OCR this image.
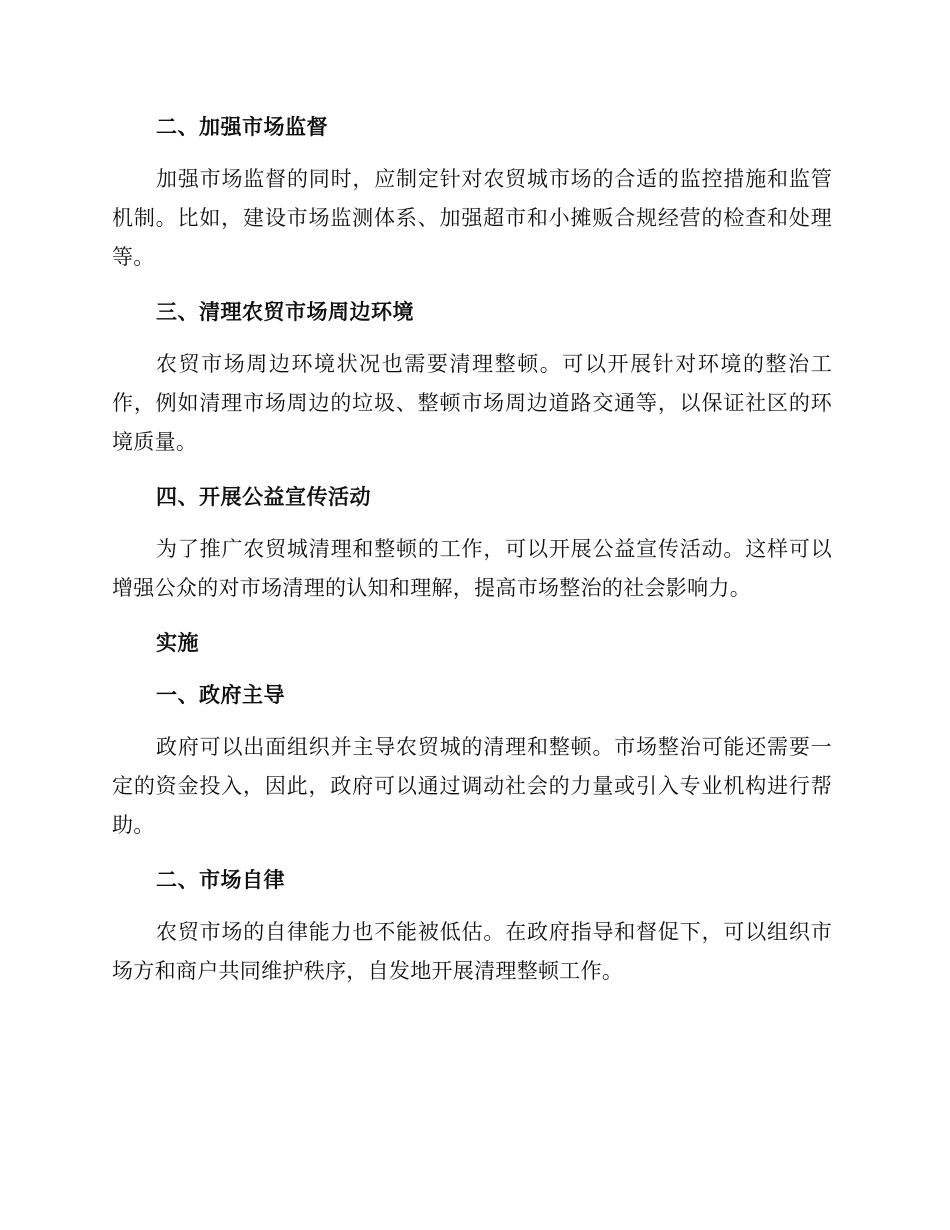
二、加强市场监督

加强市场监督的同时，应制定针对农贸城市场的合适的监控措施和监管机制。比如，建设市场监测体系、加强超市和小摊贩合规经营的检查和处理等。

三、清理农贸市场周边环境

农贸市场周边环境状况也需要清理整顿。可以开展针对环境的整治工作，例如清理市场周边的垃圾、整顿市场周边道路交通等，以保证社区的环境质量。

四、开展公益宣传活动

为了推广农贸城清理和整顿的工作，可以开展公益宣传活动。这样可以增强公众的对市场清理的认知和理解，提高市场整治的社会影响力。

实施
一、政府主导

政府可以出面组织并主导农贸城的清理和整顿。市场整治可能还需要一定的资金投入，因此，政府可以通过调动社会的力量或引入专业机构进行帮助。

二、市场自律

农贸市场的自律能力也不能被低估。在政府指导和督促下，可以组织市场方和商户共同维护秩序，自发地开展清理整顿工作。
